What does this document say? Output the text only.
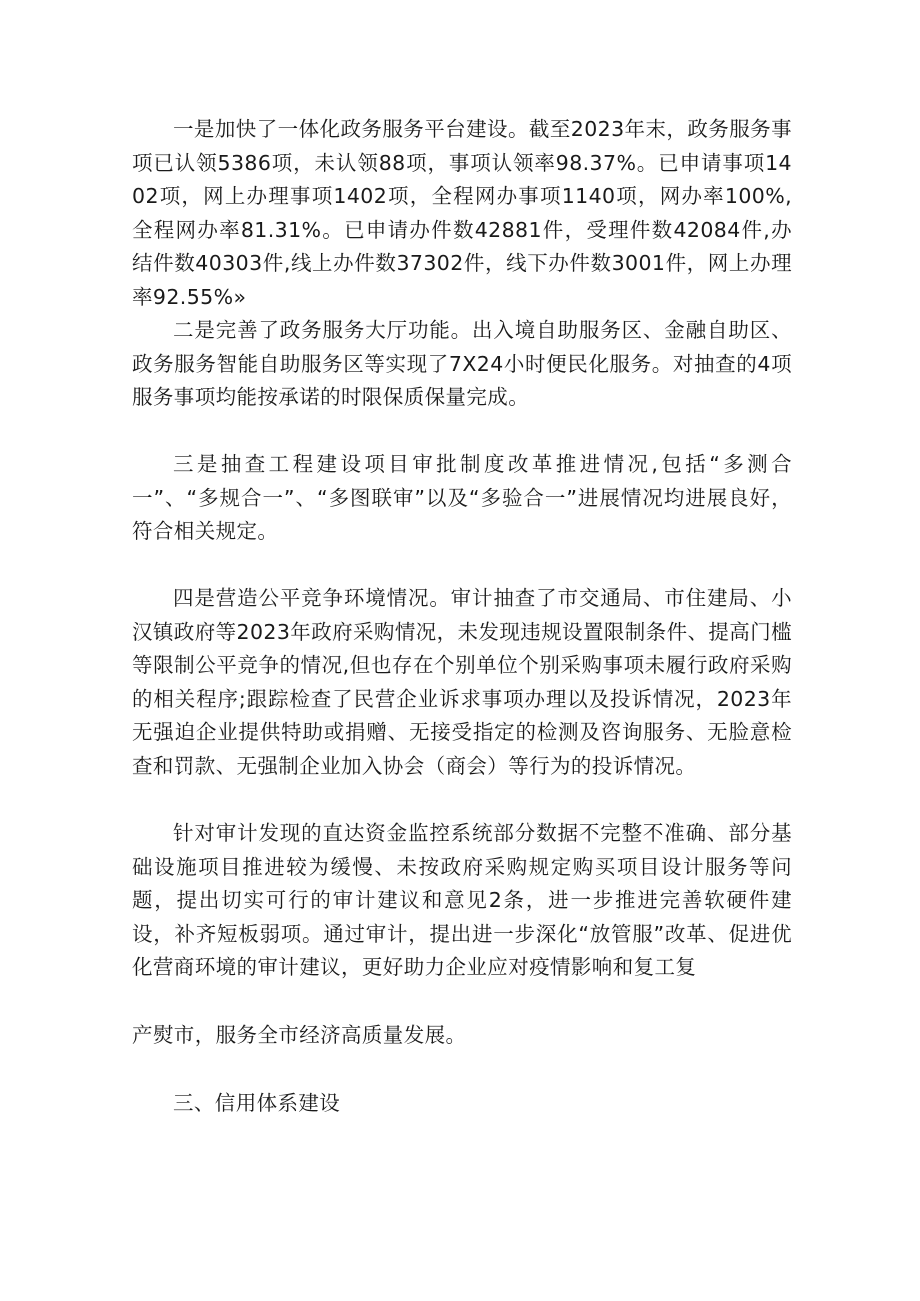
一是加快了一体化政务服务平台建设。截至2023年末，政务服务事项已认领5386项，未认领88项，事项认领率98.37%。已申请事项1402项，网上办理事项1402项，全程网办事项1140项，网办率100%,全程网办率81.31%。已申请办件数42881件，受理件数42084件,办结件数40303件,线上办件数37302件，线下办件数3001件，网上办理率92.55%»

二是完善了政务服务大厅功能。出入境自助服务区、金融自助区、政务服务智能自助服务区等实现了7X24小时便民化服务。对抽查的4项服务事项均能按承诺的时限保质保量完成。

三是抽查工程建设项目审批制度改革推进情况,包括“多测合一”、“多规合一”、“多图联审”以及“多验合一”进展情况均进展良好，符合相关规定。

四是营造公平竞争环境情况。审计抽查了市交通局、市住建局、小汉镇政府等2023年政府采购情况，未发现违规设置限制条件、提高门槛等限制公平竞争的情况,但也存在个别单位个别采购事项未履行政府采购的相关程序;跟踪检查了民营企业诉求事项办理以及投诉情况，2023年无强迫企业提供特助或捐赠、无接受指定的检测及咨询服务、无脸意检查和罚款、无强制企业加入协会（商会）等行为的投诉情况。

针对审计发现的直达资金监控系统部分数据不完整不准确、部分基础设施项目推进较为缓慢、未按政府采购规定购买项目设计服务等问题，提出切实可行的审计建议和意见2条，进一步推进完善软硬件建设，补齐短板弱项。通过审计，提出进一步深化“放管服”改革、促进优化营商环境的审计建议，更好助力企业应对疫情影响和复工复

产熨市，服务全市经济高质量发展。

三、信用体系建设
